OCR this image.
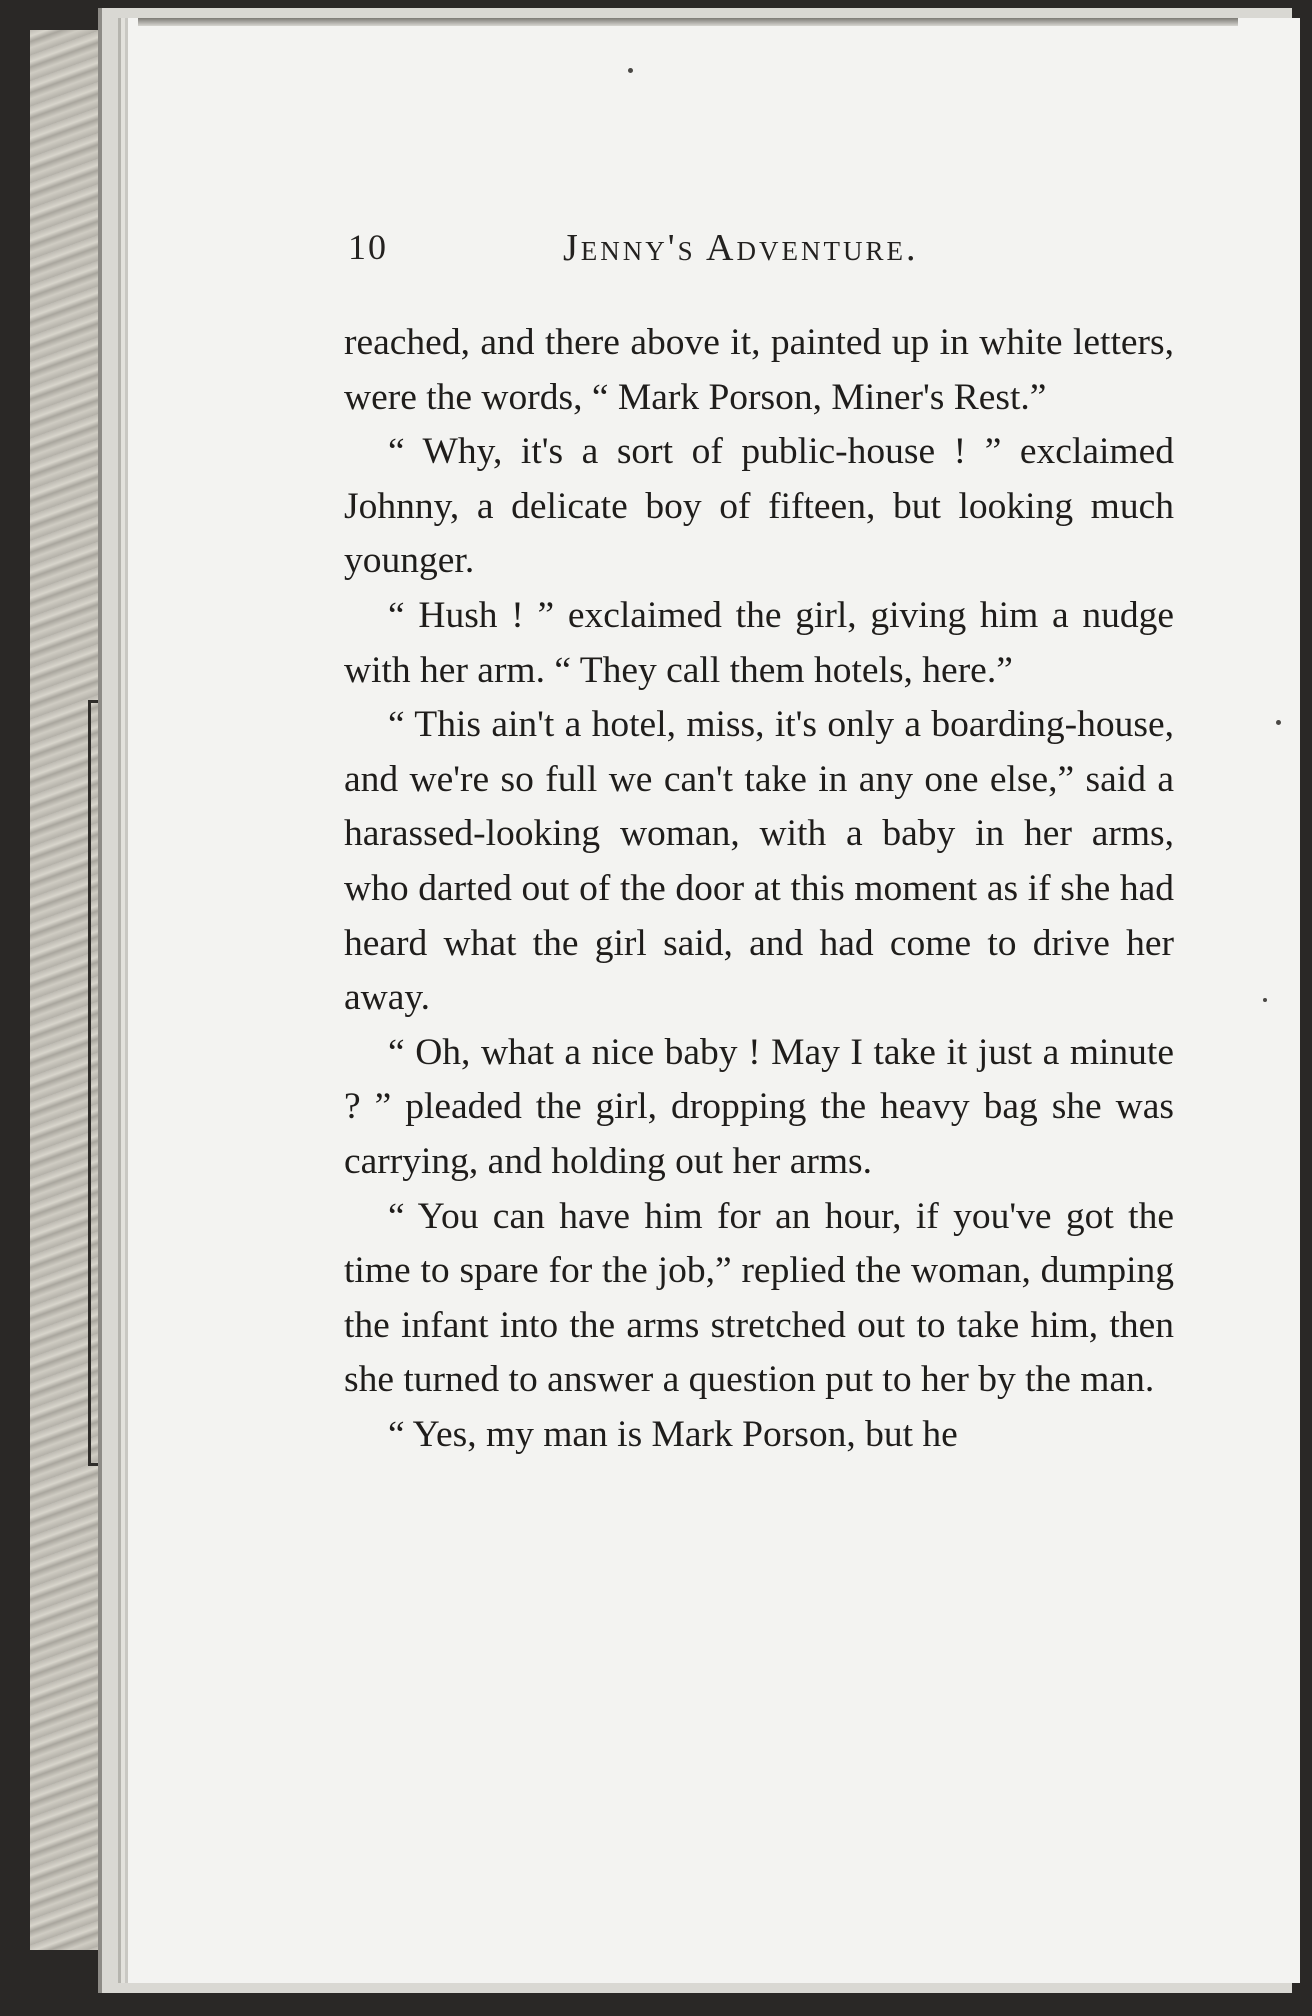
10	Jenny's Adventure.

reached, and there above it, painted up in white letters, were the words, “ Mark Porson, Miner's Rest.”

“ Why, it's a sort of public-house ! ” exclaimed Johnny, a delicate boy of fifteen, but looking much younger.

“ Hush ! ” exclaimed the girl, giving him a nudge with her arm. “ They call them hotels, here.”

“ This ain't a hotel, miss, it's only a boarding-house, and we're so full we can't take in any one else,” said a harassed-looking woman, with a baby in her arms, who darted out of the door at this moment as if she had heard what the girl said, and had come to drive her away.

“ Oh, what a nice baby ! May I take it just a minute ? ” pleaded the girl, dropping the heavy bag she was carrying, and holding out her arms.

“ You can have him for an hour, if you've got the time to spare for the job,” replied the woman, dumping the infant into the arms stretched out to take him, then she turned to answer a question put to her by the man.

“ Yes, my man is Mark Porson, but he
